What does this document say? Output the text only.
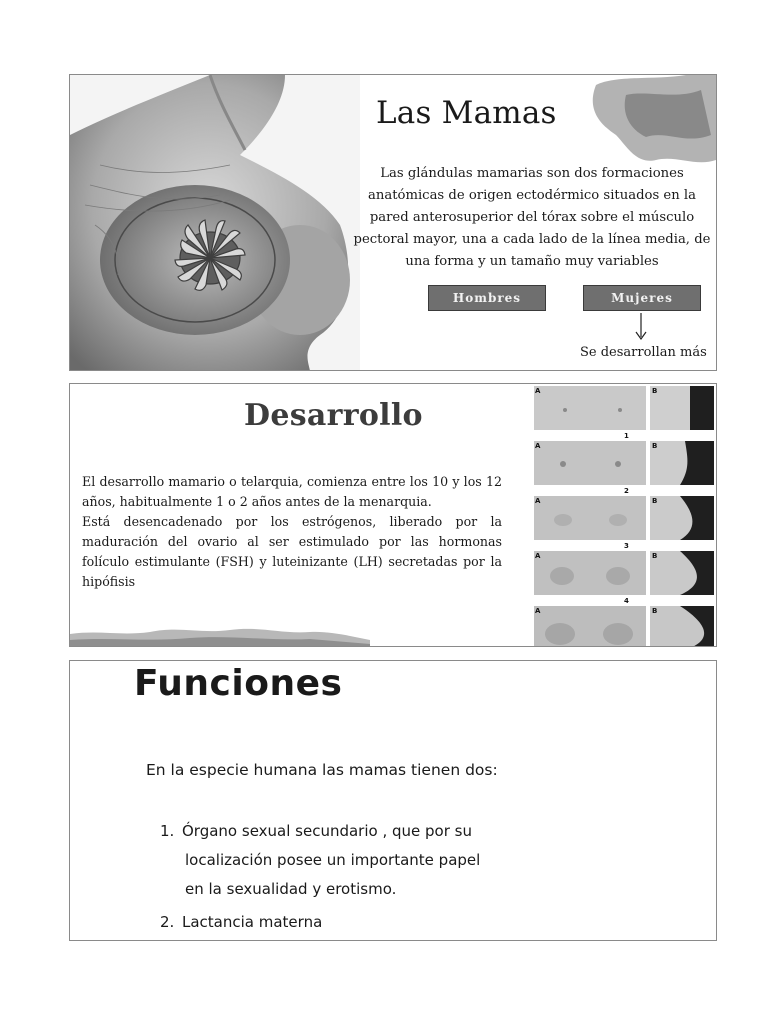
Las Mamas
Las glándulas mamarias son dos formaciones
anatómicas de origen ectodérmico situados en la
pared anterosuperior del tórax sobre el músculo
pectoral mayor, una a cada lado de la línea media, de
una forma y un tamaño muy variables
Hombres	Mujeres
Se desarrollan más
Desarrollo

El desarrollo mamario o telarquia, comienza entre los 10 y los 12 años, habitualmente 1 o 2 años antes de la menarquia.

Está desencadenado por los estrógenos, liberado por la maduración del ovario al ser estimulado por las hormonas folículo estimulante (FSH) y luteinizante (LH) secretadas por la hipófisis

A	B
1
A	B
2
A	B
3
A	B
4
A	B
Funciones
En la especie humana las mamas tienen dos:
1. Órgano sexual secundario , que por su
localización posee un importante papel
en la sexualidad y erotismo.
2. Lactancia materna
